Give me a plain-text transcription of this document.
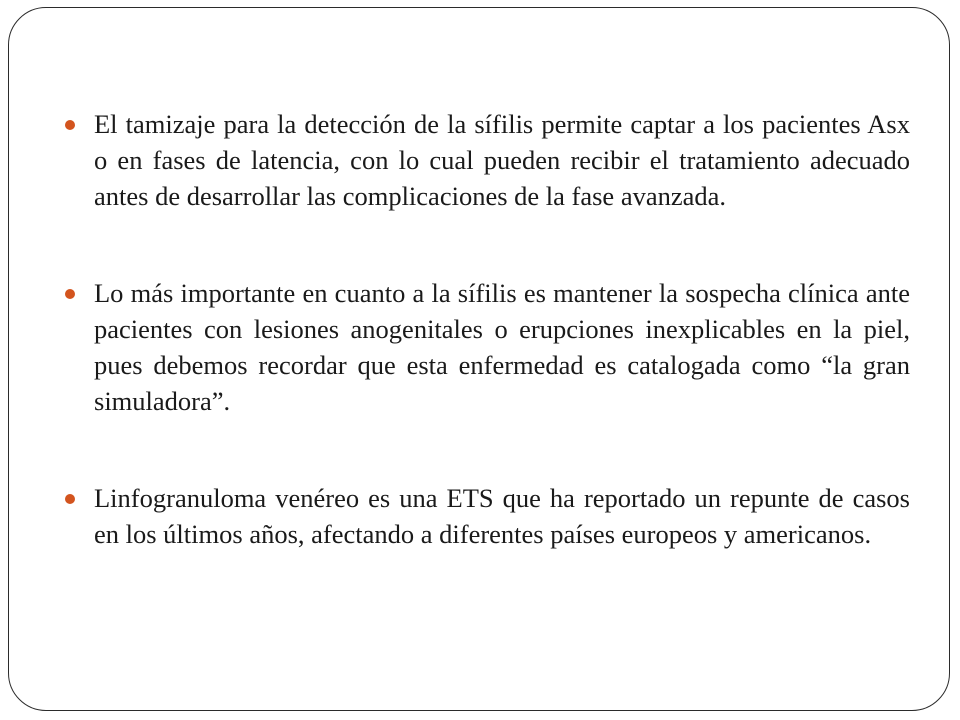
El tamizaje para la detección de la sífilis permite captar a los pacientes Asx o en fases de latencia, con lo cual pueden recibir el tratamiento adecuado antes de desarrollar las complicaciones de la fase avanzada.
Lo más importante en cuanto a la sífilis es mantener la sospecha clínica ante pacientes con lesiones anogenitales o erupciones inexplicables en la piel, pues debemos recordar que esta enfermedad es catalogada como “la gran simuladora”.
Linfogranuloma venéreo es una ETS que ha reportado un repunte de casos en los últimos años, afectando a diferentes países europeos y americanos.
